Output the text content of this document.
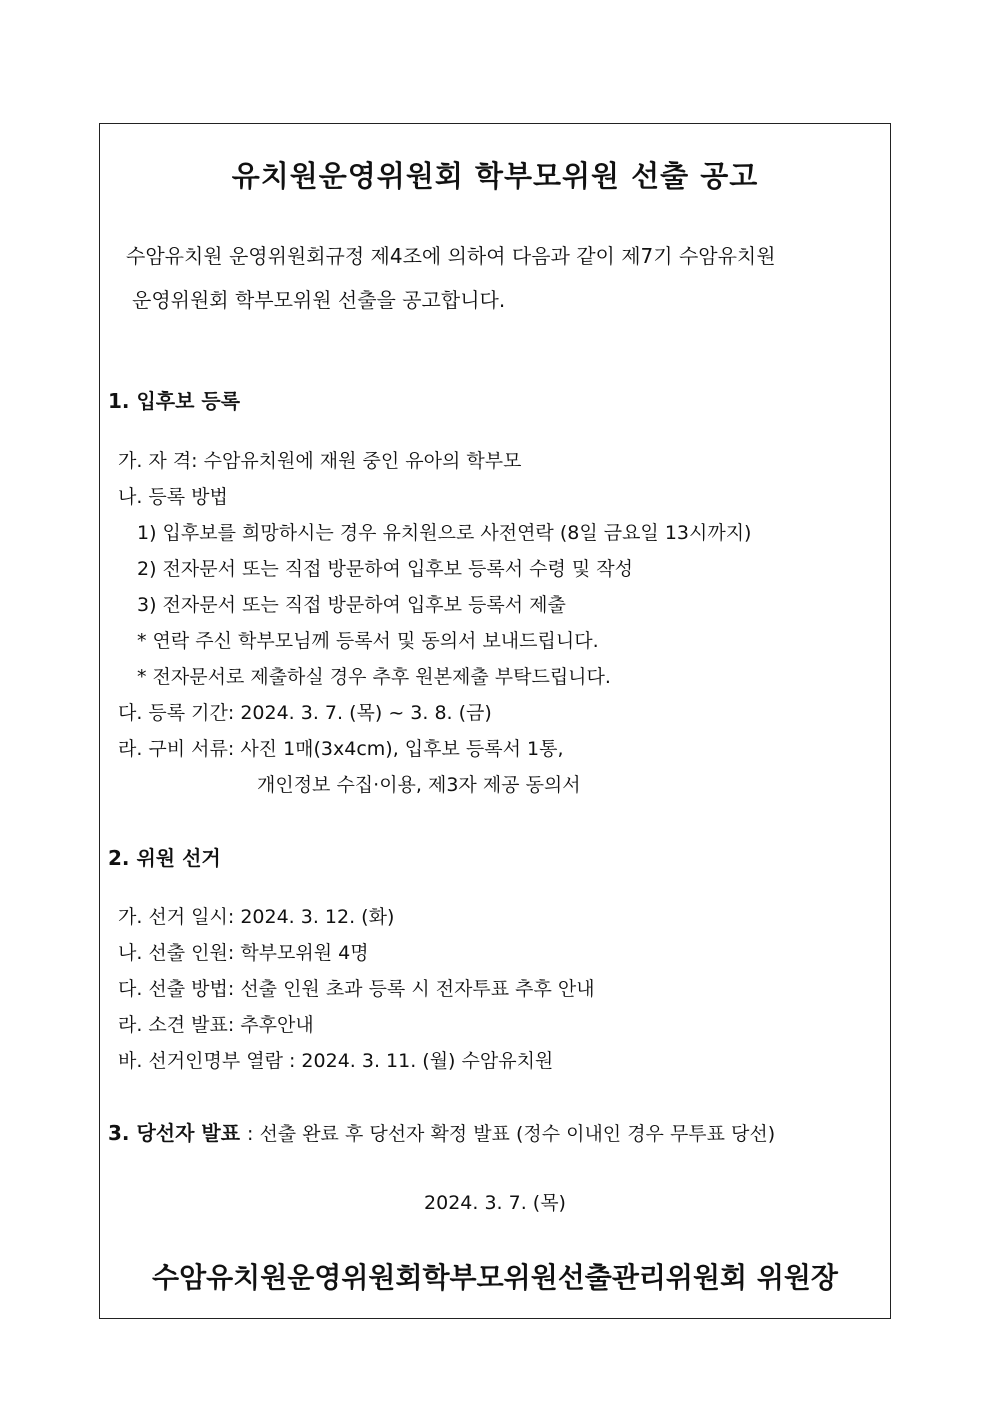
유치원운영위원회 학부모위원 선출 공고
수암유치원 운영위원회규정 제4조에 의하여 다음과 같이 제7기 수암유치원
운영위원회 학부모위원 선출을 공고합니다.
1. 입후보 등록
가. 자 격: 수암유치원에 재원 중인 유아의 학부모
나. 등록 방법
1) 입후보를 희망하시는 경우 유치원으로 사전연락 (8일 금요일 13시까지)
2) 전자문서 또는 직접 방문하여 입후보 등록서 수령 및 작성
3) 전자문서 또는 직접 방문하여 입후보 등록서 제출
* 연락 주신 학부모님께 등록서 및 동의서 보내드립니다.
* 전자문서로 제출하실 경우 추후 원본제출 부탁드립니다.
다. 등록 기간: 2024. 3. 7. (목) ~ 3. 8. (금)
라. 구비 서류: 사진 1매(3x4cm), 입후보 등록서 1통,
개인정보 수집·이용, 제3자 제공 동의서
2. 위원 선거
가. 선거 일시: 2024. 3. 12. (화)
나. 선출 인원: 학부모위원 4명
다. 선출 방법: 선출 인원 초과 등록 시 전자투표 추후 안내
라. 소견 발표: 추후안내
바. 선거인명부 열람 : 2024. 3. 11. (월) 수암유치원
3. 당선자 발표 : 선출 완료 후 당선자 확정 발표 (정수 이내인 경우 무투표 당선)
2024. 3. 7. (목)
수암유치원운영위원회학부모위원선출관리위원회 위원장
